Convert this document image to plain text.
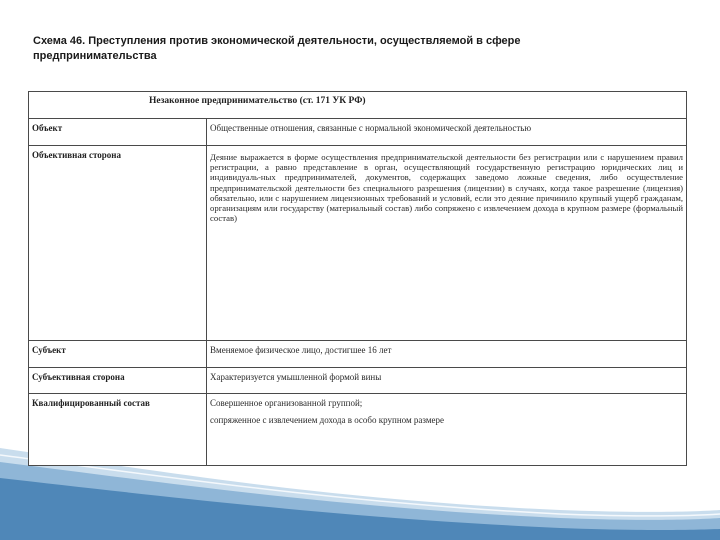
Схема 46. Преступления против экономической деятельности, осуществляемой в сфере предпринимательства
Незаконное предпринимательство (ст. 171 УК РФ)	
Объект	Общественные отношения, связанные с нормальной экономической деятельностью

Объективная сторона	Деяние выражается в форме осуществления предпринимательской деятельности без регистрации или с нарушением правил регистрации, а равно представление в орган, осуществляющий государственную регистрацию юридических лиц и индивидуаль-ных предпринимателей, документов, содержащих заведомо ложные сведения, либо осуществление предпринимательской деятельности без специального разрешения (лицензии) в случаях, когда такое разрешение (лицензия) обязательно, или с нарушением лицензионных требований и условий, если это деяние причинило крупный ущерб гражданам, организациям или государству (материальный состав) либо сопряжено с извлечением дохода в крупном размере (формальный состав)

Субъект	Вменяемое физическое лицо, достигшее 16 лет

Субъективная сторона	Характеризуется умышленной формой вины

Квалифицированный состав	Совершенное организованной группой;
сопряженное с извлечением дохода в особо крупном размере
